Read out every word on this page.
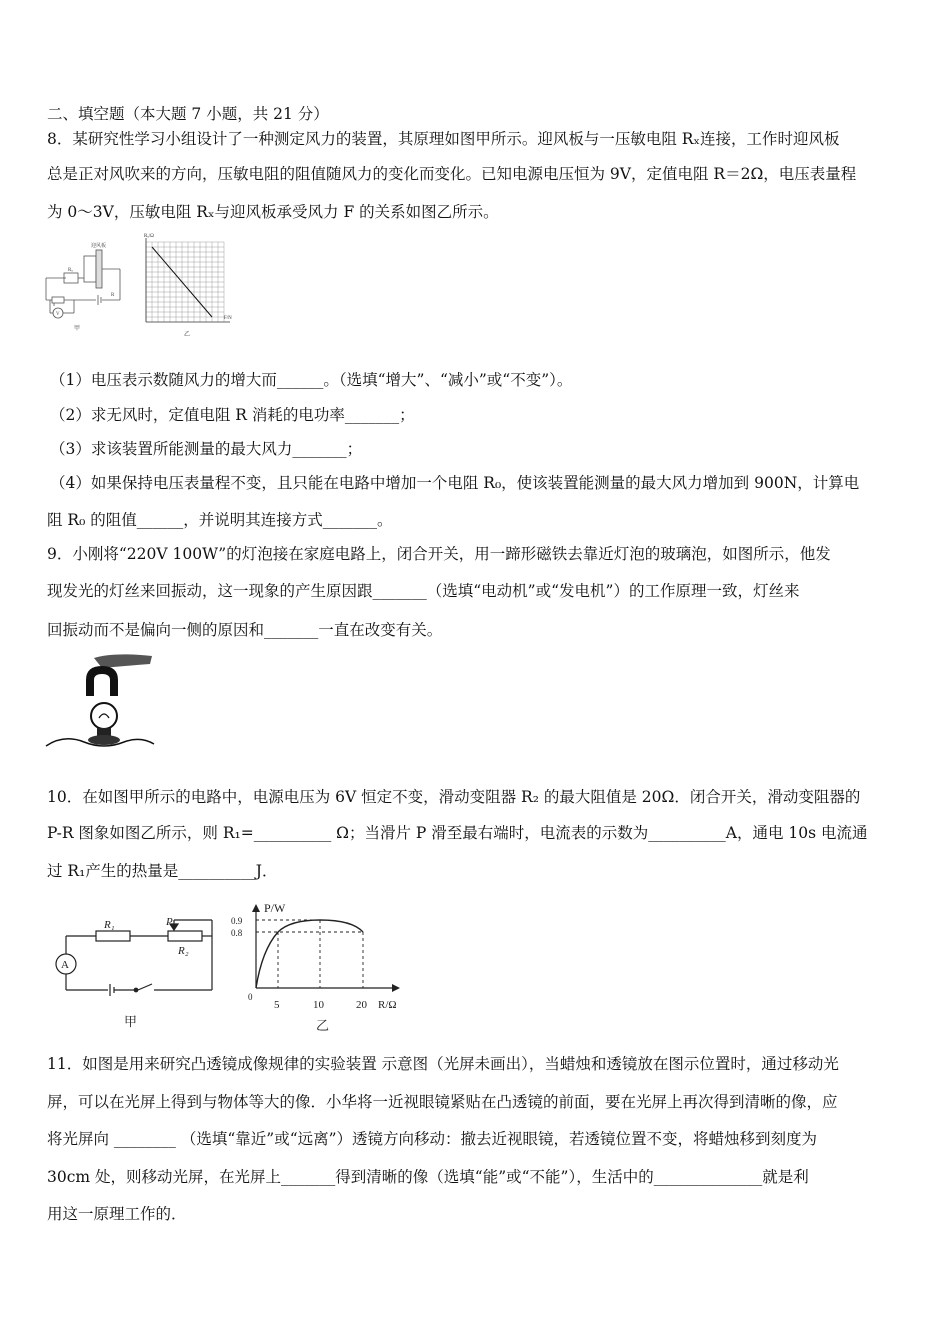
二、填空题（本大题 7 小题，共 21 分）
8．某研究性学习小组设计了一种测定风力的装置，其原理如图甲所示。迎风板与一压敏电阻 Rₓ连接，工作时迎风板
总是正对风吹来的方向，压敏电阻的阻值随风力的变化而变化。已知电源电压恒为 9V，定值电阻 R＝2Ω，电压表量程
为 0～3V，压敏电阻 Rₓ与迎风板承受风力 F 的关系如图乙所示。
迎风板
Rₓ
R
V
甲
Rₓ/Ω
F/N
乙
（1）电压表示数随风力的增大而______。（选填“增大”、“减小”或“不变”）。
（2）求无风时，定值电阻 R 消耗的电功率_______；
（3）求该装置所能测量的最大风力_______；
（4）如果保持电压表量程不变，且只能在电路中增加一个电阻 R₀，使该装置能测量的最大风力增加到 900N，计算电
阻 R₀ 的阻值______，并说明其连接方式_______。
9．小刚将“220V 100W”的灯泡接在家庭电路上，闭合开关，用一蹄形磁铁去靠近灯泡的玻璃泡，如图所示，他发
现发光的灯丝来回振动，这一现象的产生原因跟_______（选填“电动机”或“发电机”）的工作原理一致，灯丝来
回振动而不是偏向一侧的原因和_______一直在改变有关。
10．在如图甲所示的电路中，电源电压为 6V 恒定不变，滑动变阻器 R₂ 的最大阻值是 20Ω．闭合开关，滑动变阻器的
P-R 图象如图乙所示，则 R₁=__________ Ω；当滑片 P 滑至最右端时，电流表的示数为__________A，通电 10s 电流通
过 R₁产生的热量是__________J．
R₁	P
R₂
A
甲
P/W
0.9
0.8
0
5	10	20 R/Ω
乙
11．如图是用来研究凸透镜成像规律的实验装置 示意图（光屏未画出），当蜡烛和透镜放在图示位置时，通过移动光
屏，可以在光屏上得到与物体等大的像．小华将一近视眼镜紧贴在凸透镜的前面，要在光屏上再次得到清晰的像，应
将光屏向 ________ （选填“靠近”或“远离”）透镜方向移动：撤去近视眼镜，若透镜位置不变，将蜡烛移到刻度为
30cm 处，则移动光屏，在光屏上_______得到清晰的像（选填“能”或“不能”），生活中的______________就是利
用这一原理工作的．
